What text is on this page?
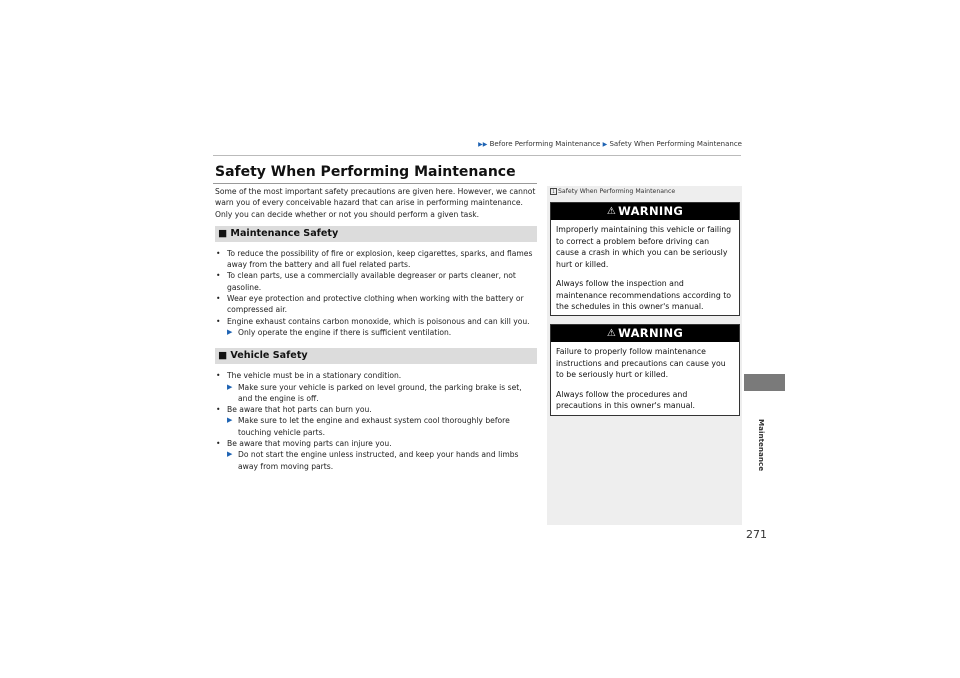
▶▶ Before Performing Maintenance ▶ Safety When Performing Maintenance
Safety When Performing Maintenance

Some of the most important safety precautions are given here. However, we cannot warn you of every conceivable hazard that can arise in performing maintenance. Only you can decide whether or not you should perform a given task.

■ Maintenance Safety
• To reduce the possibility of fire or explosion, keep cigarettes, sparks, and flames away from the battery and all fuel related parts.
• To clean parts, use a commercially available degreaser or parts cleaner, not gasoline.
• Wear eye protection and protective clothing when working with the battery or compressed air.
• Engine exhaust contains carbon monoxide, which is poisonous and can kill you.
▶ Only operate the engine if there is sufficient ventilation.
■ Vehicle Safety
• The vehicle must be in a stationary condition.
▶ Make sure your vehicle is parked on level ground, the parking brake is set, and the engine is off.
• Be aware that hot parts can burn you.
▶ Make sure to let the engine and exhaust system cool thoroughly before touching vehicle parts.
• Be aware that moving parts can injure you.
▶ Do not start the engine unless instructed, and keep your hands and limbs away from moving parts.
1 Safety When Performing Maintenance
⚠ WARNING

Improperly maintaining this vehicle or failing to correct a problem before driving can cause a crash in which you can be seriously hurt or killed.

Always follow the inspection and maintenance recommendations according to the schedules in this owner's manual.

⚠ WARNING

Failure to properly follow maintenance instructions and precautions can cause you to be seriously hurt or killed.

Always follow the procedures and precautions in this owner's manual.

Maintenance
271
